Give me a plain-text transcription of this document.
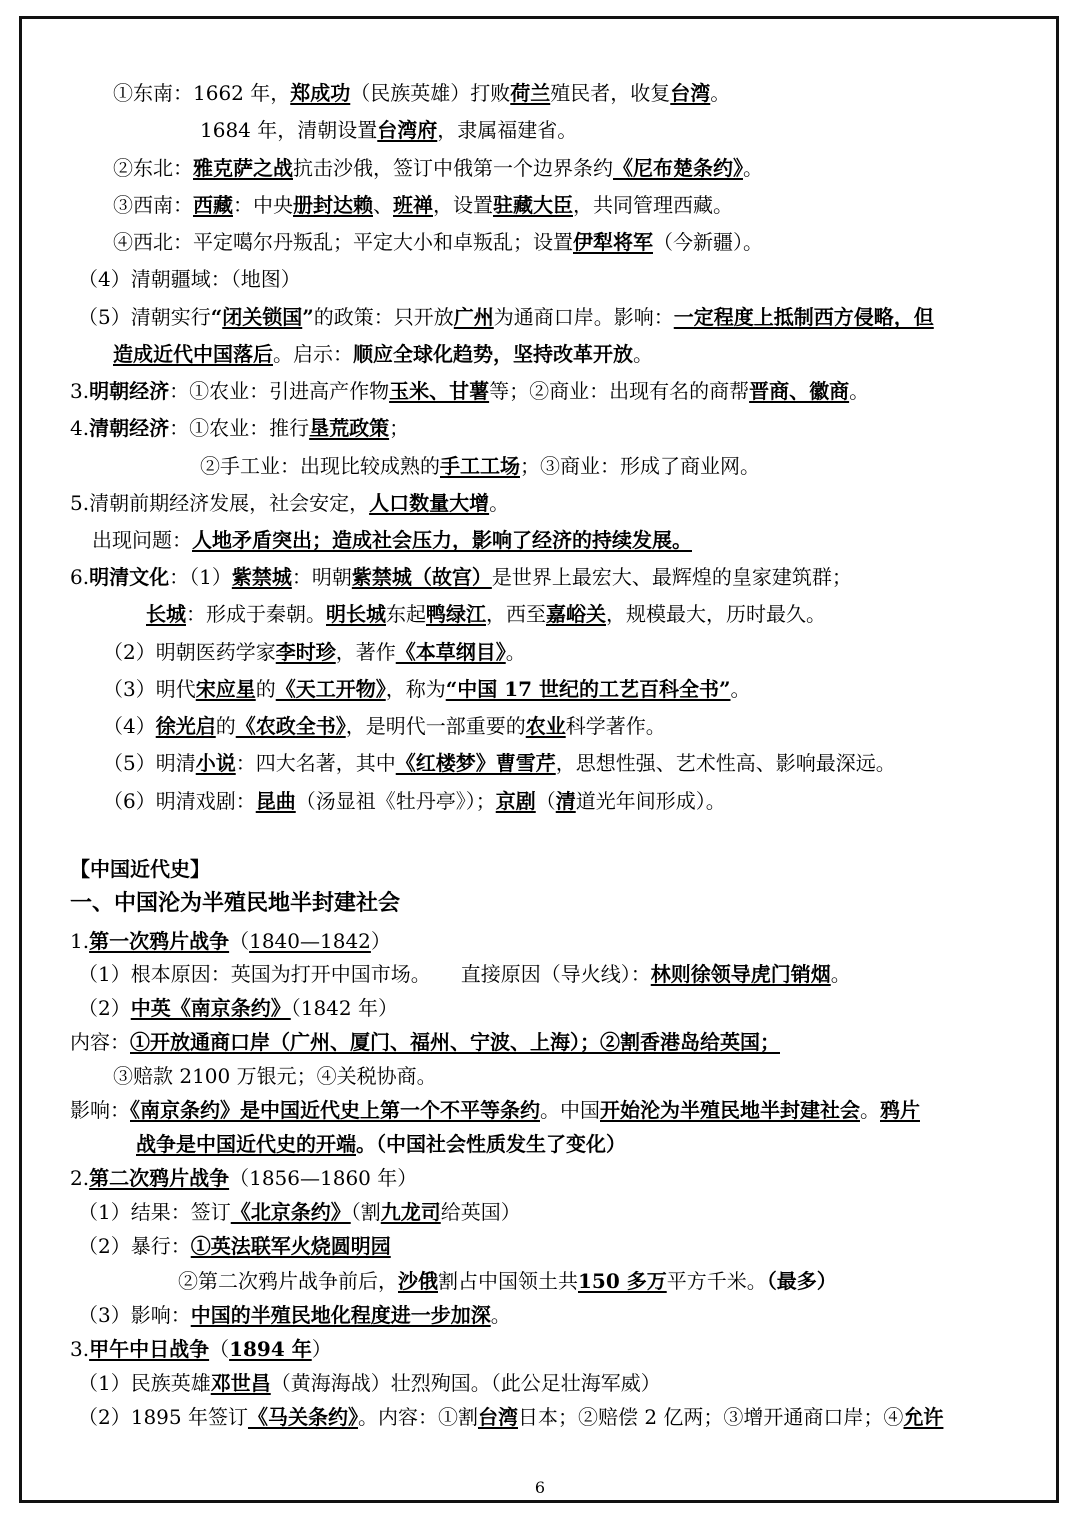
①东南：1662 年，郑成功（民族英雄）打败荷兰殖民者，收复台湾。
1684 年，清朝设置台湾府，隶属福建省。
②东北：雅克萨之战抗击沙俄，签订中俄第一个边界条约《尼布楚条约》。
③西南：西藏：中央册封达赖、班禅，设置驻藏大臣，共同管理西藏。
④西北：平定噶尔丹叛乱；平定大小和卓叛乱；设置伊犁将军（今新疆）。
（4）清朝疆域：（地图）
（5）清朝实行“闭关锁国”的政策：只开放广州为通商口岸。影响：一定程度上抵制西方侵略，但
造成近代中国落后。启示：顺应全球化趋势，坚持改革开放。
3.明朝经济：①农业：引进高产作物玉米、甘薯等；②商业：出现有名的商帮晋商、徽商。
4.清朝经济：①农业：推行垦荒政策；
②手工业：出现比较成熟的手工工场；③商业：形成了商业网。
5.清朝前期经济发展，社会安定，人口数量大增。
出现问题：人地矛盾突出；造成社会压力，影响了经济的持续发展。
6.明清文化：（1）紫禁城：明朝紫禁城（故宫）是世界上最宏大、最辉煌的皇家建筑群；
长城：形成于秦朝。明长城东起鸭绿江，西至嘉峪关，规模最大，历时最久。
（2）明朝医药学家李时珍，著作《本草纲目》。
（3）明代宋应星的《天工开物》，称为“中国 17 世纪的工艺百科全书”。
（4）徐光启的《农政全书》，是明代一部重要的农业科学著作。
（5）明清小说：四大名著，其中《红楼梦》曹雪芹，思想性强、艺术性高、影响最深远。
（6）明清戏剧：昆曲（汤显祖《牡丹亭》）；京剧（清道光年间形成）。
【中国近代史】
一、中国沦为半殖民地半封建社会
1.第一次鸦片战争（1840—1842）
（1）根本原因：英国为打开中国市场。　　直接原因（导火线）：林则徐领导虎门销烟。
（2）中英《南京条约》（1842 年）
内容：①开放通商口岸（广州、厦门、福州、宁波、上海）；②割香港岛给英国；
③赔款 2100 万银元；④关税协商。
影响：《南京条约》是中国近代史上第一个不平等条约。中国开始沦为半殖民地半封建社会。鸦片
战争是中国近代史的开端。（中国社会性质发生了变化）
2.第二次鸦片战争（1856—1860 年）
（1）结果：签订《北京条约》（割九龙司给英国）
（2）暴行：①英法联军火烧圆明园
②第二次鸦片战争前后，沙俄割占中国领土共150 多万平方千米。（最多）
（3）影响：中国的半殖民地化程度进一步加深。
3.甲午中日战争（1894 年）
（1）民族英雄邓世昌（黄海海战）壮烈殉国。（此公足壮海军威）
（2）1895 年签订《马关条约》。内容：①割台湾日本；②赔偿 2 亿两；③增开通商口岸；④允许
6
